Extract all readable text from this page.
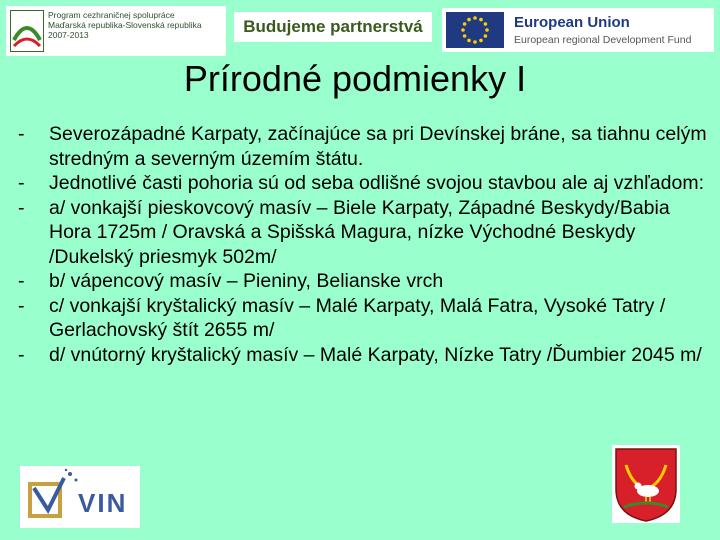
Program cezhraničnej spolupráce
Maďarská republika-Slovenská republika
2007-2013	Budujeme partnerstvá	European Union
European regional Development Fund
Prírodné podmienky I
- Severozápadné Karpaty, začínajúce sa pri Devínskej bráne, sa tiahnu celým stredným a severným územím štátu.
- Jednotlivé časti pohoria sú od seba odlišné svojou stavbou ale aj vzhľadom:
- a/ vonkajší pieskovcový masív – Biele Karpaty, Západné Beskydy/Babia Hora 1725m / Oravská a Spišská Magura, nízke Východné Beskydy /Dukelský priesmyk 502m/
- b/ vápencový masív – Pieniny, Belianske vrch
- c/ vonkajší kryštalický masív – Malé Karpaty, Malá Fatra, Vysoké Tatry / Gerlachovský štít 2655 m/
- d/ vnútorný kryštalický masív – Malé Karpaty, Nízke Tatry /Ďumbier 2045 m/
VIN
